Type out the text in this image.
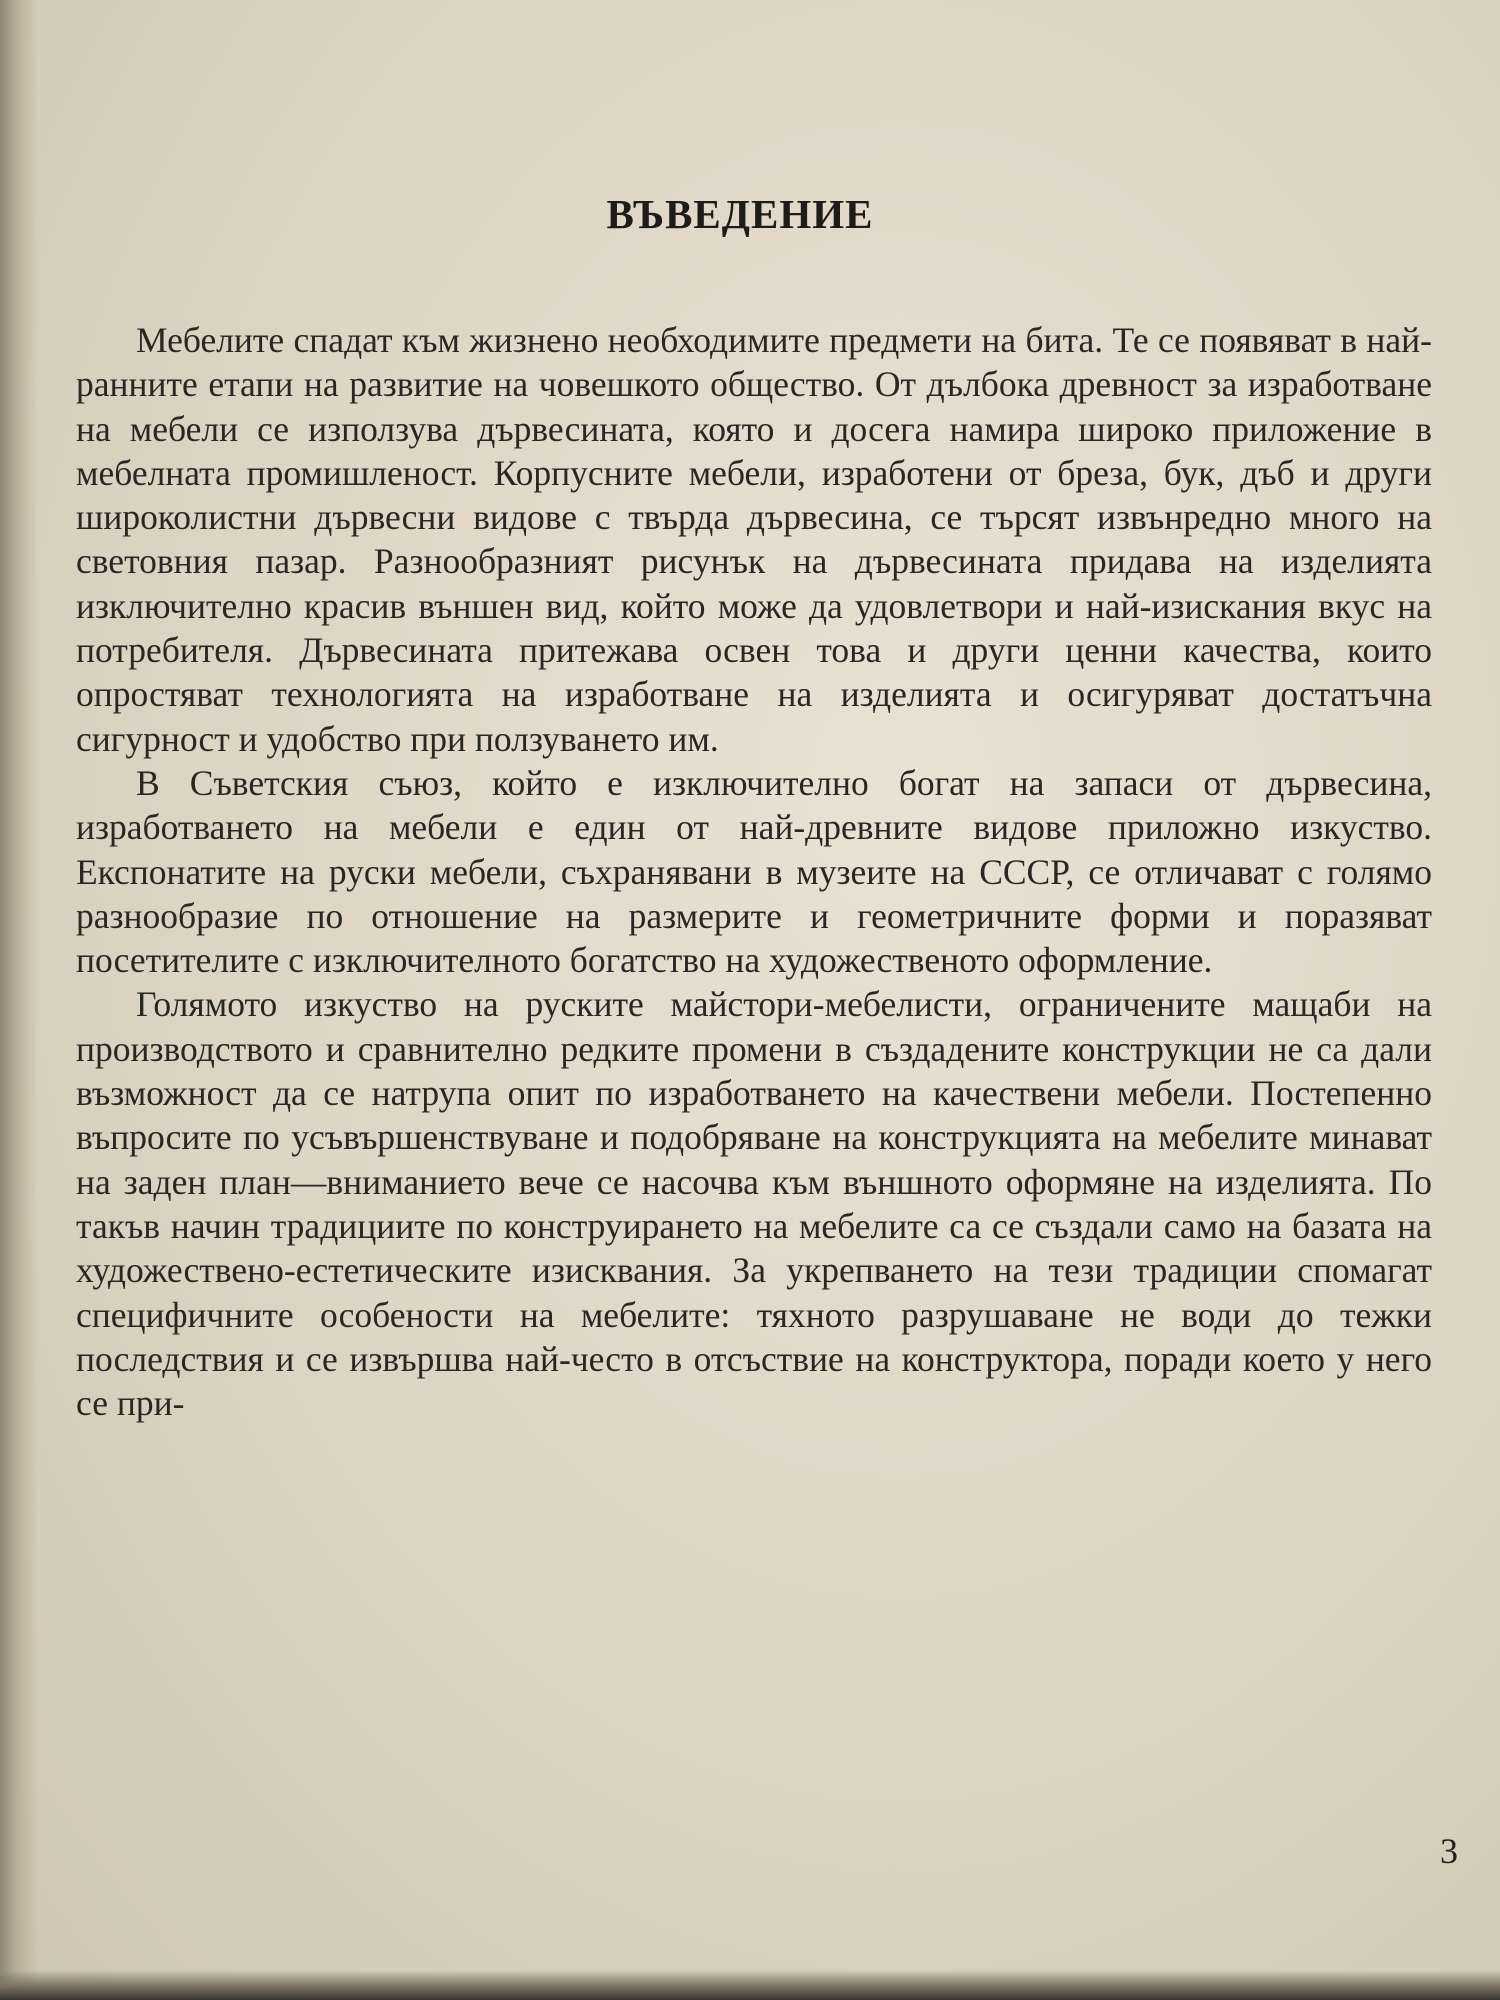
ВЪВЕДЕНИЕ

Мебелите спадат към жизнено необходимите предмети на бита. Те се появяват в най-ранните етапи на развитие на човешкото общество. От дълбока древност за изработване на мебели се използува дървесината, която и досега намира широко приложение в мебелната промишленост. Корпусните мебели, изработени от бреза, бук, дъб и други широколистни дървесни видове с твърда дървесина, се търсят извънредно много на световния пазар. Разнообразният рисунък на дървесината придава на изделията изключително красив външен вид, който може да удовлетвори и най-изискания вкус на потребителя. Дървесината притежава освен това и други ценни качества, които опростяват технологията на изработване на изделията и осигуряват достатъчна сигурност и удобство при ползуването им.

В Съветския съюз, който е изключително богат на запаси от дървесина, изработването на мебели е един от най-древните видове приложно изкуство. Експонатите на руски мебели, съхранявани в музеите на СССР, се отличават с голямо разнообразие по отношение на размерите и геометричните форми и поразяват посетителите с изключителното богатство на художественото оформление.

Голямото изкуство на руските майстори-мебелисти, ограничените мащаби на производството и сравнително редките промени в създадените конструкции не са дали възможност да се натрупа опит по изработването на качествени мебели. Постепенно въпросите по усъвършенствуване и подобряване на конструкцията на мебелите минават на заден план—вниманието вече се насочва към външното оформяне на изделията. По такъв начин традициите по конструирането на мебелите са се създали само на базата на художествено-естетическите изисквания. За укрепването на тези традиции спомагат специфичните особености на мебелите: тяхното разрушаване не води до тежки последствия и се извършва най-често в отсъствие на конструктора, поради което у него се при-

3
